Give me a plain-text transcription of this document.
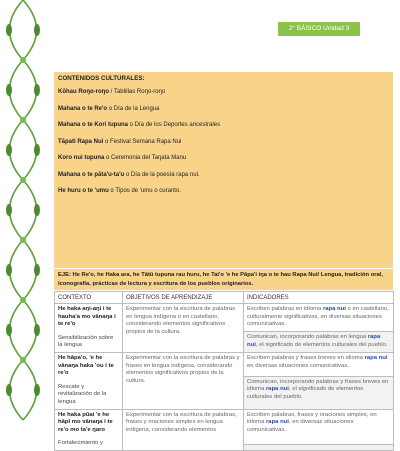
2° BÁSICO Unidad 3
CONTENIDOS CULTURALES:
Kōhau Roŋo-roŋo / Tablillas Roŋo-roŋo
Mahana o te Re'o o Día de la Lengua
Mahana o te Kori tupuna o Día de los Deportes ancestrales
Tāpati Rapa Nui o Festival Semana Rapa Nui
Koro nui tupuna o Ceremonia del Taŋata Manu
Mahana o te pāta'u-ta'u o Día de la poesía rapa nui.
He huru o te 'umu o Tipos de 'umu o curanto.
EJE: He Re'o, he Haka ara, he Tātū tupuna rau huru, he Tai'o 'e he Pāpa'i iŋa o te hau Rapa Nui/ Lengua, tradición oral, iconografía, prácticas de lectura y escritura de los pueblos originarios.
CONTEXTO	OBJETIVOS DE APRENDIZAJE	INDICADORES

He haka aŋi-aŋi i te hauha'a mo vānaŋa i te re'o
Sensibilización sobre la lengua	Experimentar con la escritura de palabras en lengua indígena o en castellano, considerando elementos significativos propios de la cultura.	Escriben palabras en idioma rapa nui o en castellano, culturalmente significativas, en diversas situaciones comunicativas.
		Comunican, incorporando palabras en lengua rapa nui, el significado de elementos culturales del pueblo.

He hāpa'o, 'e he vānaŋa haka 'ou i te re'o
Rescate y revitalización de la lengua	Experimentar con la escritura de palabras y frases en lengua indígena, considerando elementos significativos propios de la cultura.	Escriben palabras y frases breves en idioma rapa nui en diversas situaciones comunicativas.
		Comunican, incorporando palabras y frases breves en idioma rapa nui, el significado de elementos culturales del pueblo.

He haka pūai 'e he hāpī mo vānaŋa i te re'o mo ta'e ŋaro
Fortalecimiento y	Experimentar con la escritura de palabras, frases y oraciones simples en lengua indígena, considerando elementos	Escriben palabras, frases y oraciones simples, en idioma rapa nui, en diversas situaciones comunicativas.
